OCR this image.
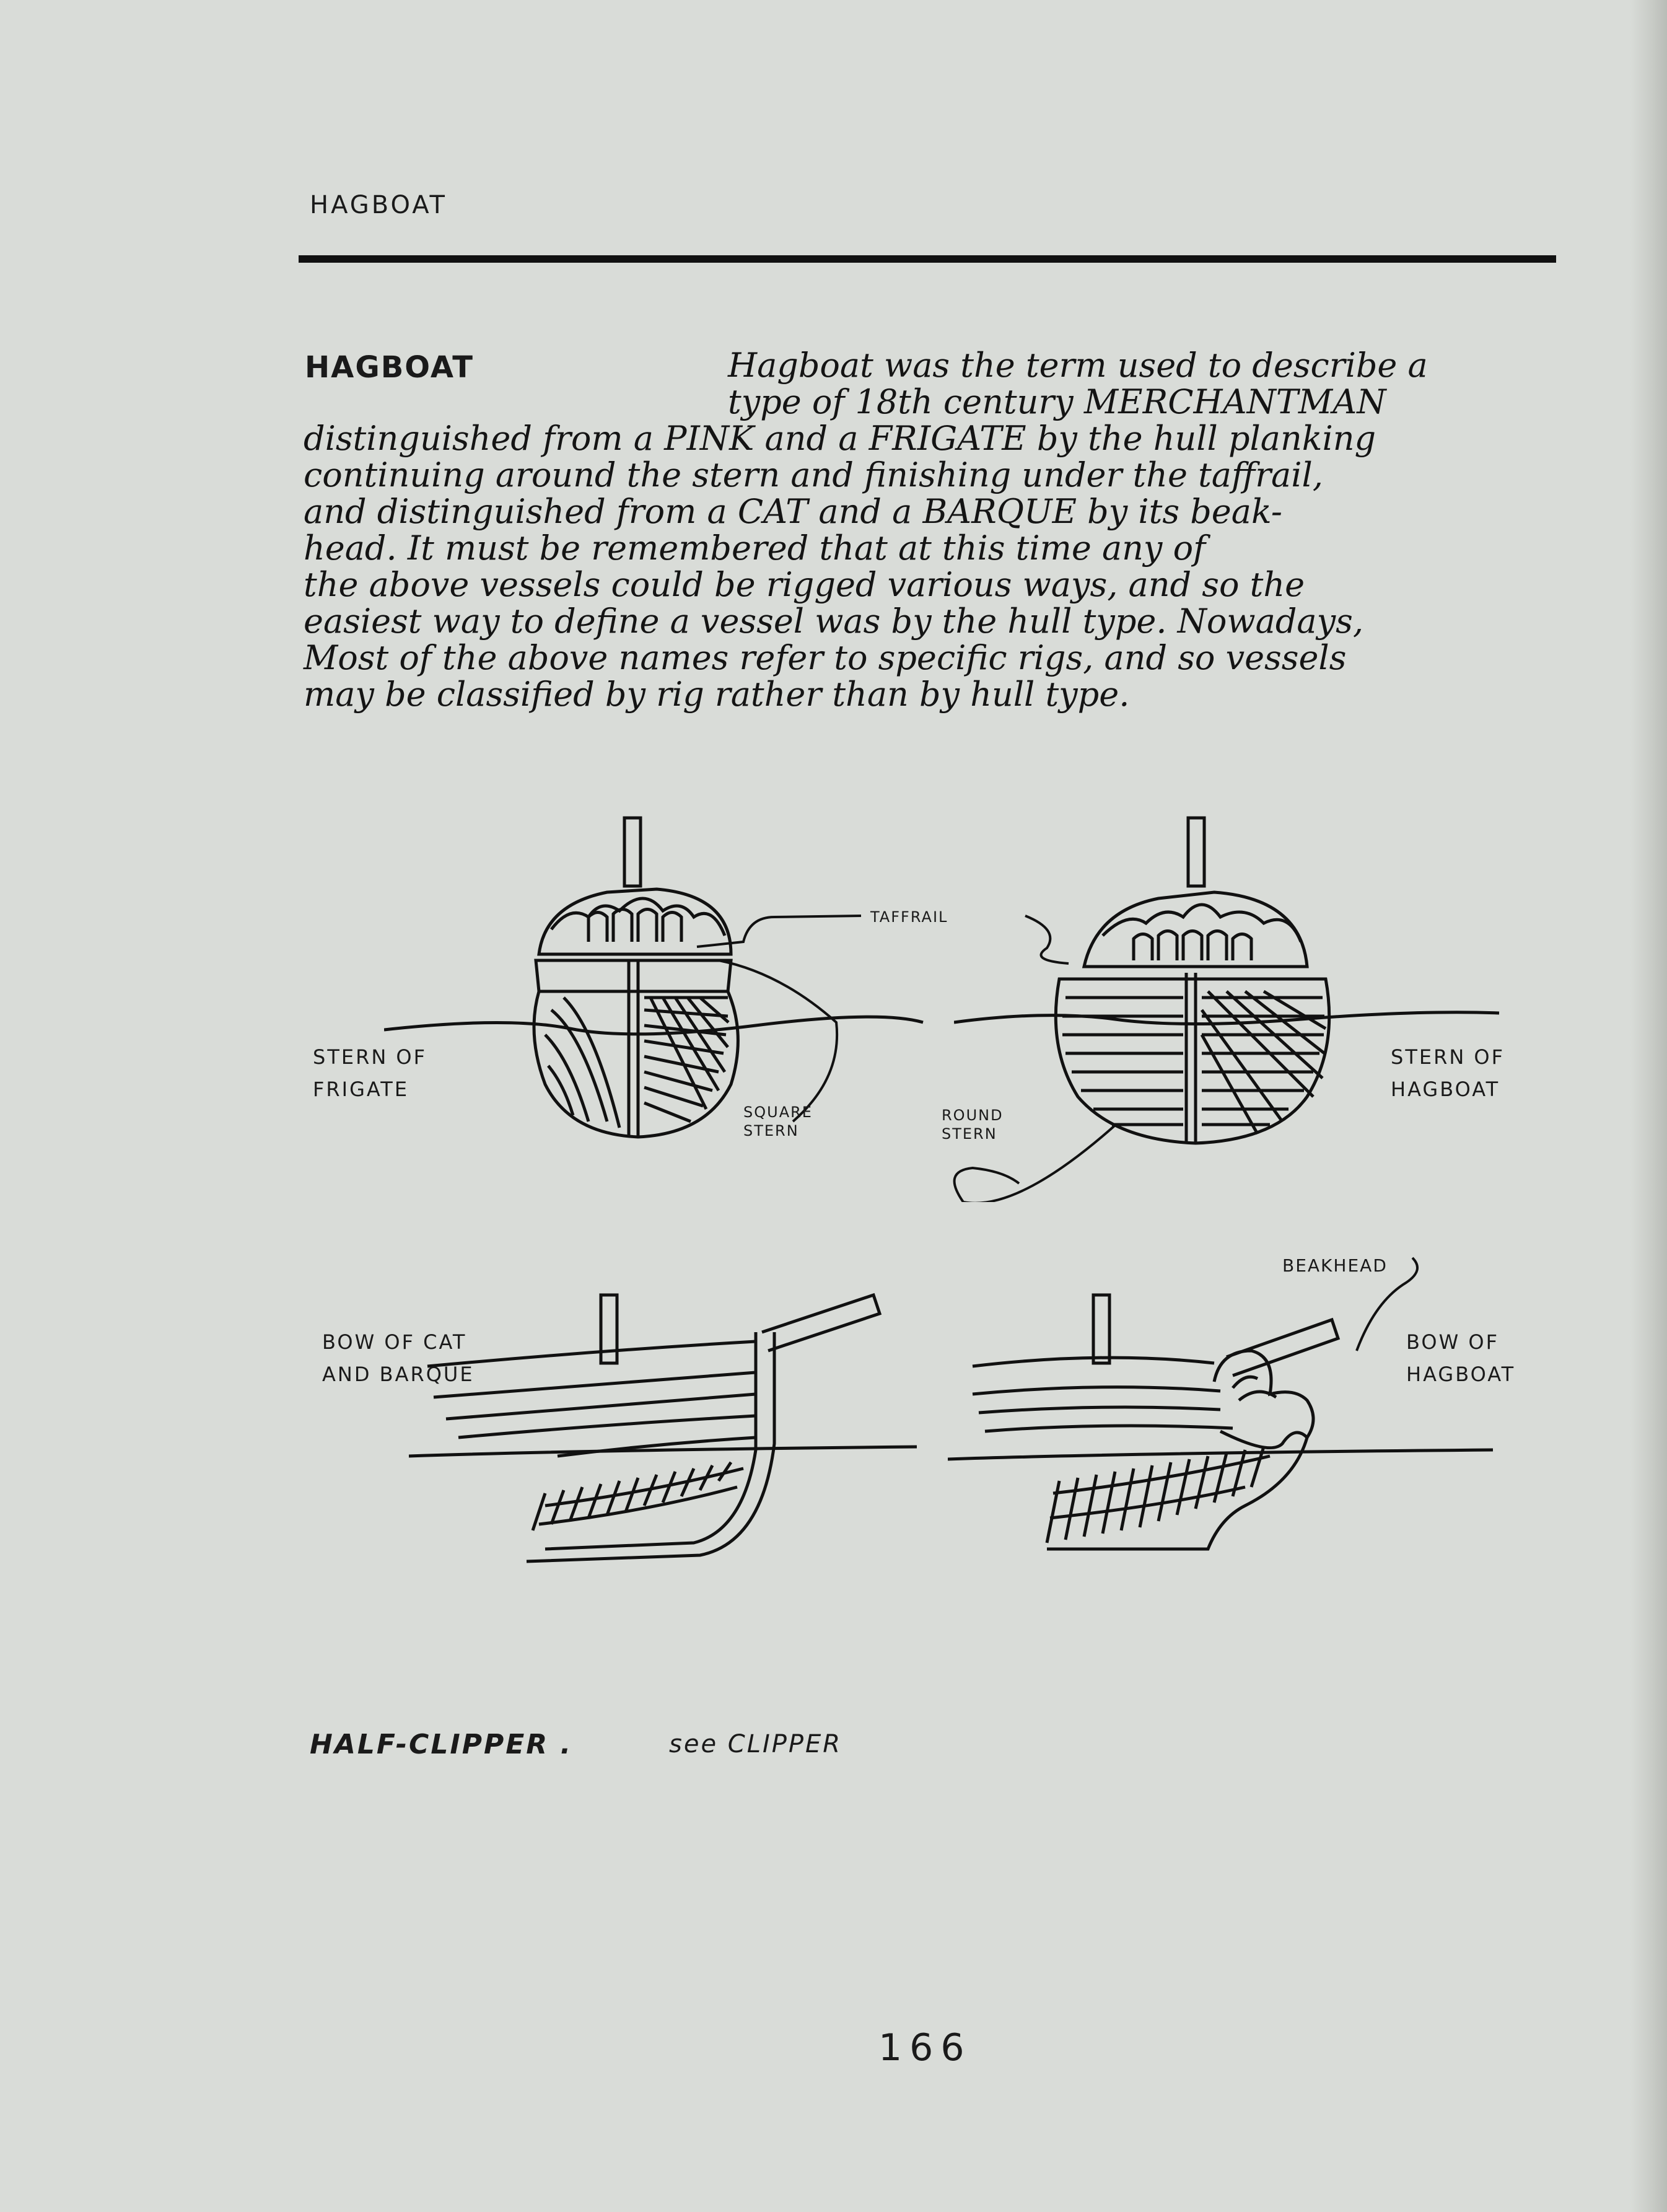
HAGBOAT
HAGBOAT	Hagboat was the term used to describe a
type of 18th century MERCHANTMAN
distinguished from a PINK and a FRIGATE by the hull planking
continuing around the stern and finishing under the taffrail,
and distinguished from a CAT and a BARQUE by its beak-
head. It must be remembered that at this time any of
the above vessels could be rigged various ways, and so the
easiest way to define a vessel was by the hull type. Nowadays,
Most of the above names refer to specific rigs, and so vessels
may be classified by rig rather than by hull type.
STERN OF
FRIGATE
STERN OF
HAGBOAT
TAFFRAIL
SQUARE
STERN
ROUND
STERN
BOW OF CAT
AND BARQUE
BEAKHEAD
BOW OF
HAGBOAT
HALF-CLIPPER .	see CLIPPER
166
